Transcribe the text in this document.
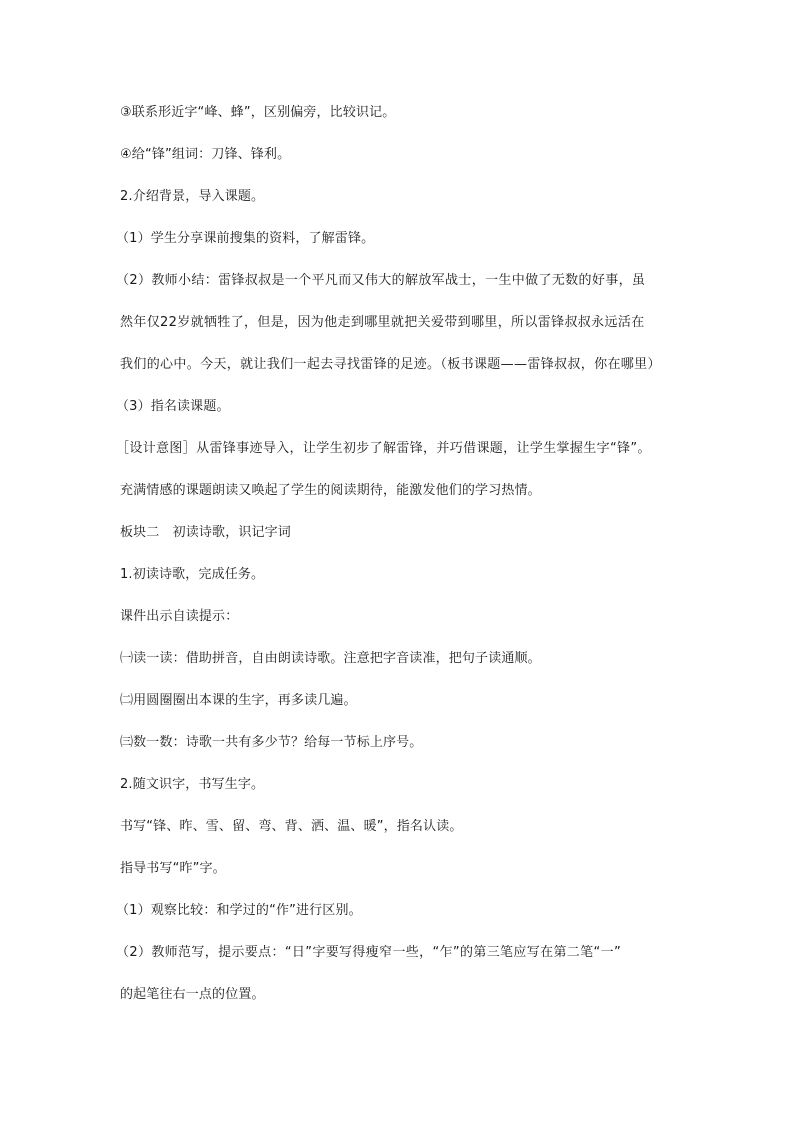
③联系形近字“峰、蜂”，区别偏旁，比较识记。

④给“锋”组词：刀锋、锋利。

2.介绍背景，导入课题。

（1）学生分享课前搜集的资料，了解雷锋。

（2）教师小结：雷锋叔叔是一个平凡而又伟大的解放军战士，一生中做了无数的好事，虽

然年仅22岁就牺牲了，但是，因为他走到哪里就把关爱带到哪里，所以雷锋叔叔永远活在

我们的心中。今天，就让我们一起去寻找雷锋的足迹。（板书课题——雷锋叔叔，你在哪里）

（3）指名读课题。

［设计意图］从雷锋事迹导入，让学生初步了解雷锋，并巧借课题，让学生掌握生字“锋”。

充满情感的课题朗读又唤起了学生的阅读期待，能激发他们的学习热情。

板块二　初读诗歌，识记字词

1.初读诗歌，完成任务。

课件出示自读提示：

㈠读一读：借助拼音，自由朗读诗歌。注意把字音读准，把句子读通顺。

㈡用圆圈圈出本课的生字，再多读几遍。

㈢数一数：诗歌一共有多少节？给每一节标上序号。

2.随文识字，书写生字。

书写“锋、昨、雪、留、弯、背、洒、温、暖”，指名认读。

指导书写“昨”字。

（1）观察比较：和学过的“作”进行区别。

（2）教师范写，提示要点：“日”字要写得瘦窄一些，“乍”的第三笔应写在第二笔“一”

的起笔往右一点的位置。
